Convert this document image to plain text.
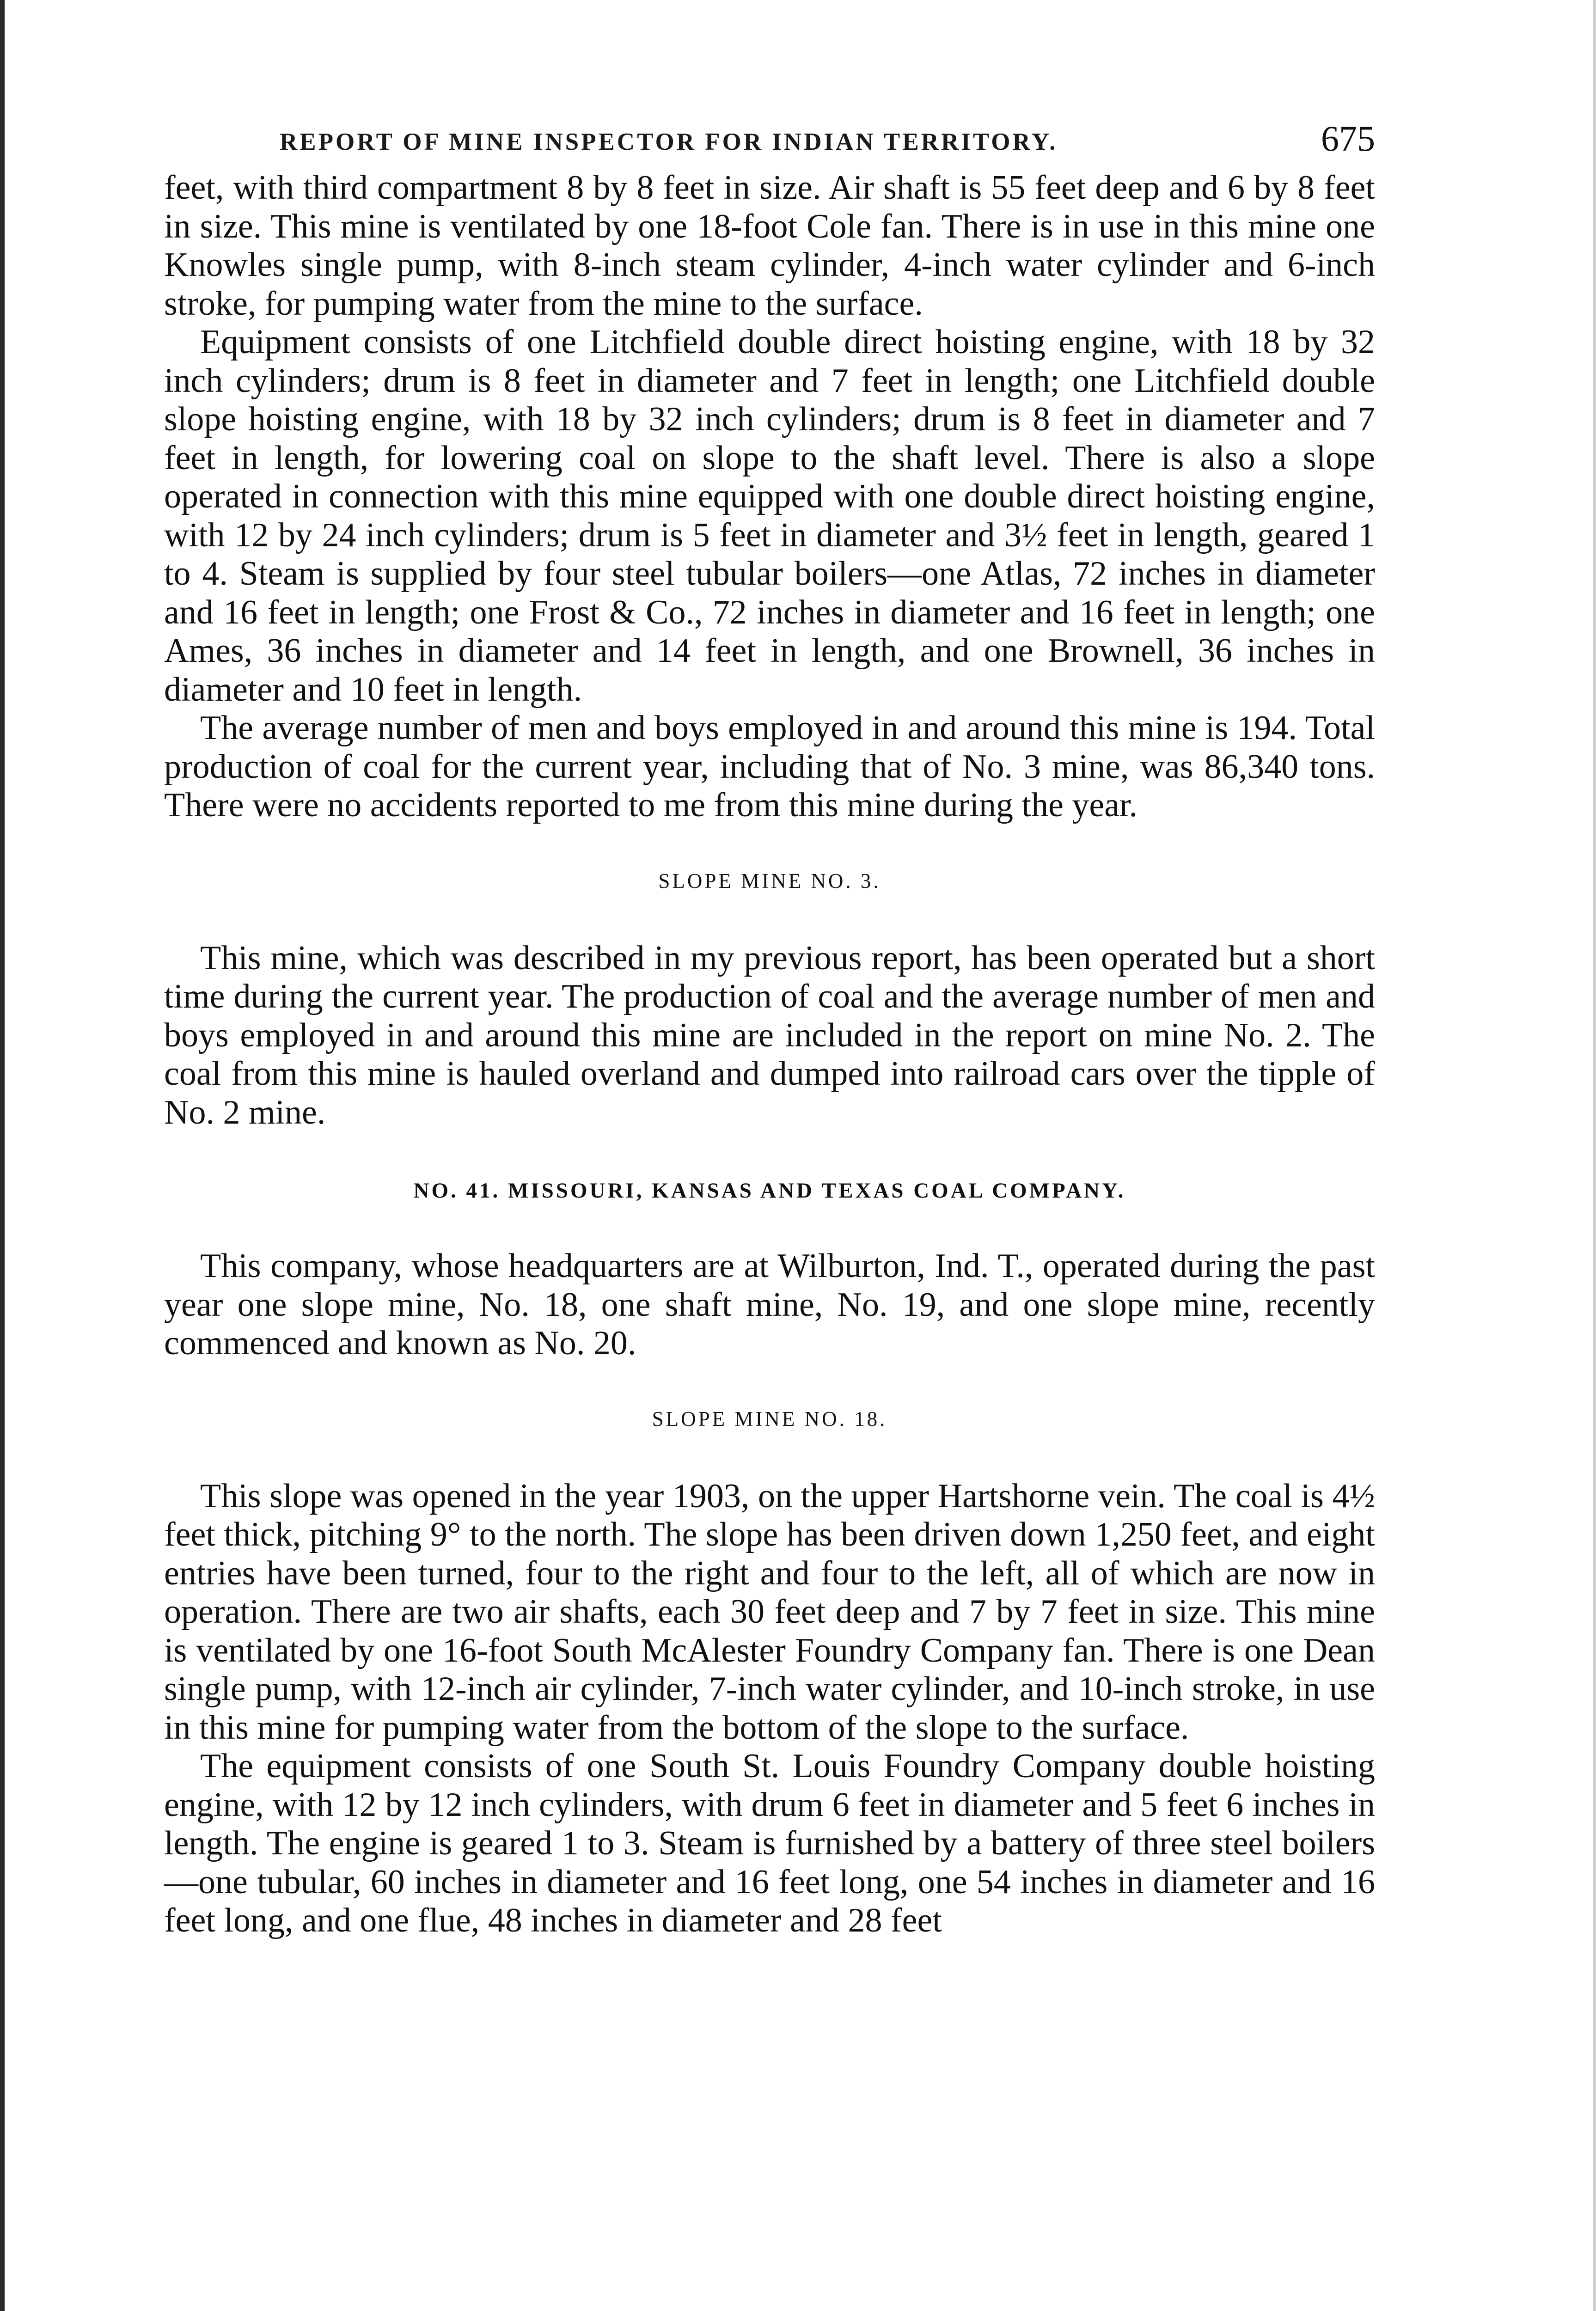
REPORT OF MINE INSPECTOR FOR INDIAN TERRITORY.	675

feet, with third compartment 8 by 8 feet in size. Air shaft is 55 feet deep and 6 by 8 feet in size. This mine is ventilated by one 18-foot Cole fan. There is in use in this mine one Knowles single pump, with 8-inch steam cylinder, 4-inch water cylinder and 6-inch stroke, for pumping water from the mine to the surface.

Equipment consists of one Litchfield double direct hoisting engine, with 18 by 32 inch cylinders; drum is 8 feet in diameter and 7 feet in length; one Litchfield double slope hoisting engine, with 18 by 32 inch cylinders; drum is 8 feet in diameter and 7 feet in length, for lowering coal on slope to the shaft level. There is also a slope operated in connection with this mine equipped with one double direct hoisting engine, with 12 by 24 inch cylinders; drum is 5 feet in diameter and 3½ feet in length, geared 1 to 4. Steam is supplied by four steel tubular boilers—one Atlas, 72 inches in diameter and 16 feet in length; one Frost & Co., 72 inches in diameter and 16 feet in length; one Ames, 36 inches in diameter and 14 feet in length, and one Brownell, 36 inches in diameter and 10 feet in length.

The average number of men and boys employed in and around this mine is 194. Total production of coal for the current year, including that of No. 3 mine, was 86,340 tons. There were no accidents reported to me from this mine during the year.

SLOPE MINE NO. 3.

This mine, which was described in my previous report, has been operated but a short time during the current year. The production of coal and the average number of men and boys employed in and around this mine are included in the report on mine No. 2. The coal from this mine is hauled overland and dumped into railroad cars over the tipple of No. 2 mine.

NO. 41. MISSOURI, KANSAS AND TEXAS COAL COMPANY.

This company, whose headquarters are at Wilburton, Ind. T., operated during the past year one slope mine, No. 18, one shaft mine, No. 19, and one slope mine, recently commenced and known as No. 20.

SLOPE MINE NO. 18.

This slope was opened in the year 1903, on the upper Hartshorne vein. The coal is 4½ feet thick, pitching 9° to the north. The slope has been driven down 1,250 feet, and eight entries have been turned, four to the right and four to the left, all of which are now in operation. There are two air shafts, each 30 feet deep and 7 by 7 feet in size. This mine is ventilated by one 16-foot South McAlester Foundry Company fan. There is one Dean single pump, with 12-inch air cylinder, 7-inch water cylinder, and 10-inch stroke, in use in this mine for pumping water from the bottom of the slope to the surface.

The equipment consists of one South St. Louis Foundry Company double hoisting engine, with 12 by 12 inch cylinders, with drum 6 feet in diameter and 5 feet 6 inches in length. The engine is geared 1 to 3. Steam is furnished by a battery of three steel boilers—one tubular, 60 inches in diameter and 16 feet long, one 54 inches in diameter and 16 feet long, and one flue, 48 inches in diameter and 28 feet
